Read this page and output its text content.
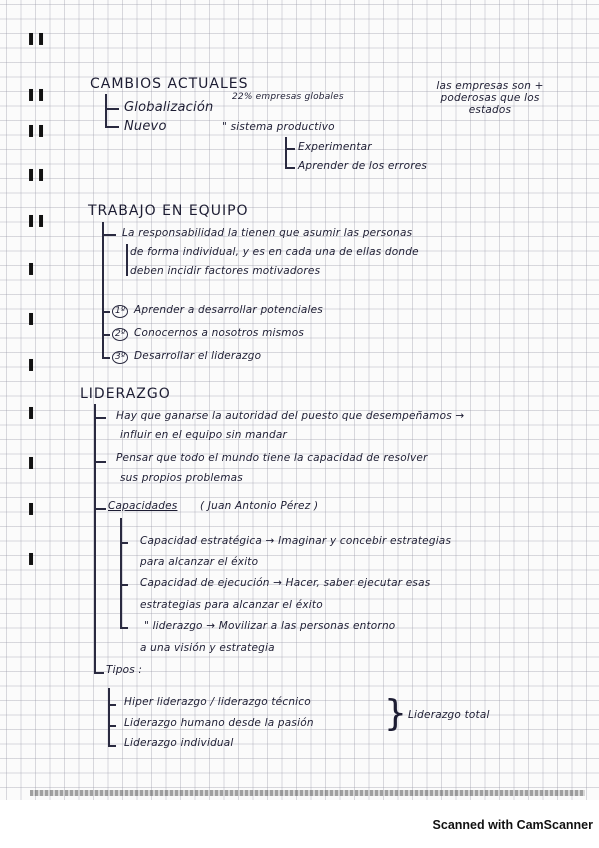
❚❚
❚❚
❚❚
❚❚
❚❚
❚
❚
❚
❚
❚
❚
❚
CAMBIOS ACTUALES
Globalización
22% empresas globales
Nuevo	" sistema productivo
Experimentar
Aprender de los errores
las empresas son + poderosas que los estados
TRABAJO EN EQUIPO
La responsabilidad la tienen que asumir las personas
de forma individual, y es en cada una de ellas donde
deben incidir factores motivadores
1º Aprender a desarrollar potenciales
2º Conocernos a nosotros mismos
3º Desarrollar el liderazgo
LIDERAZGO
Hay que ganarse la autoridad del puesto que desempeñamos →
influir en el equipo sin mandar
Pensar que todo el mundo tiene la capacidad de resolver
sus propios problemas
Capacidades ( Juan Antonio Pérez )
Capacidad estratégica → Imaginar y concebir estrategias
para alcanzar el éxito
Capacidad de ejecución → Hacer, saber ejecutar esas
estrategias para alcanzar el éxito
" liderazgo → Movilizar a las personas entorno
a una visión y estrategia
Tipos :
Hiper liderazgo / liderazgo técnico
Liderazgo humano desde la pasión
Liderazgo individual
} Liderazgo total
Scanned with CamScanner
